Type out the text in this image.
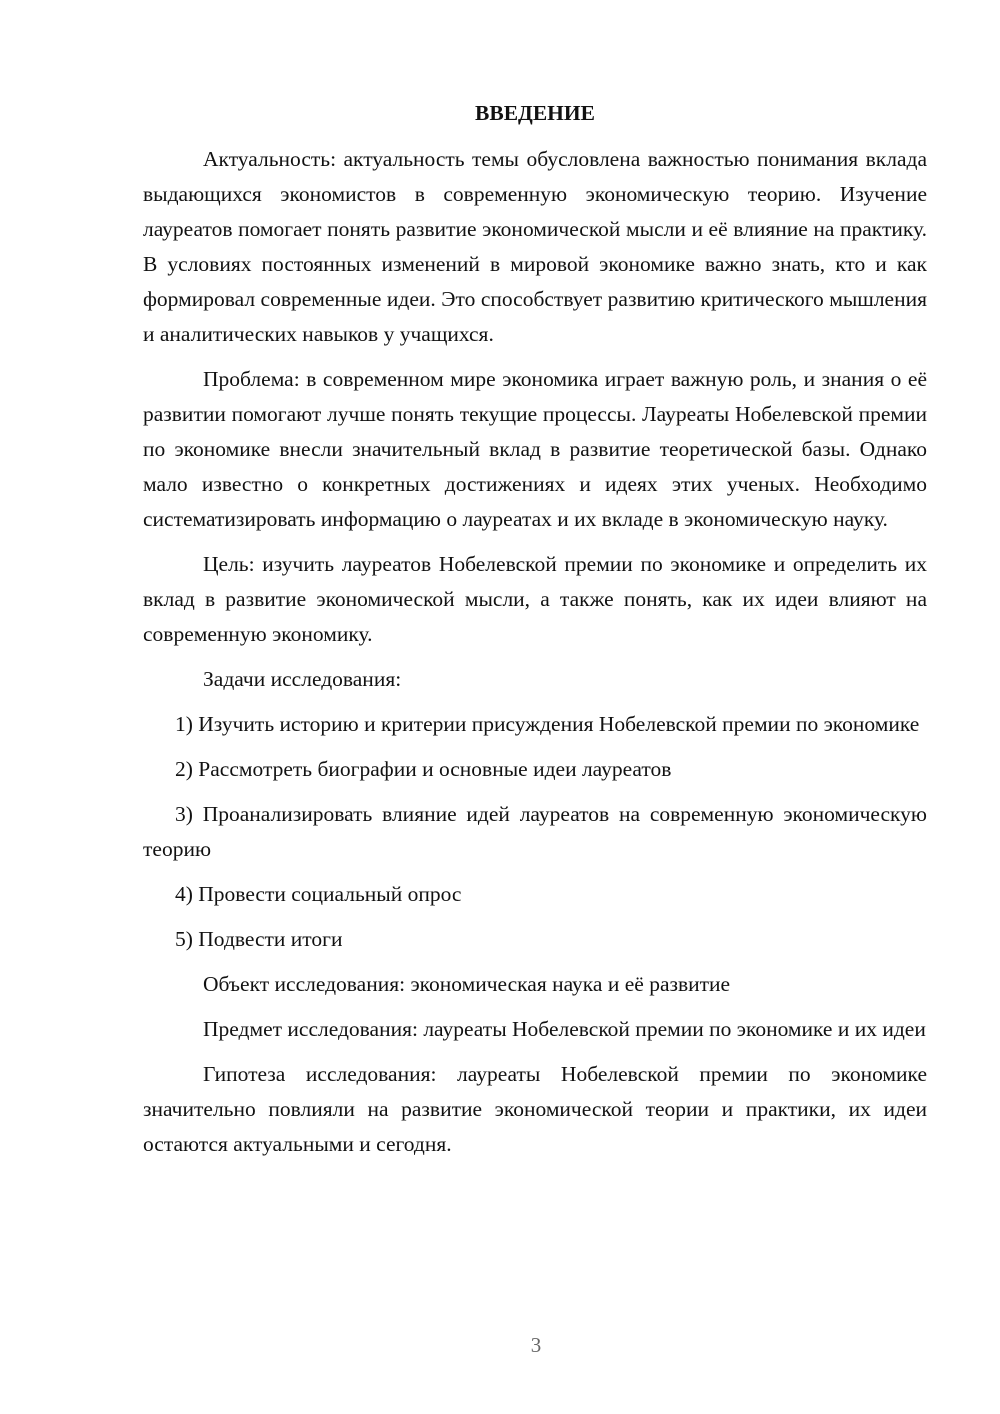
ВВЕДЕНИЕ

Актуальность: актуальность темы обусловлена важностью понимания вклада выдающихся экономистов в современную экономическую теорию. Изучение лауреатов помогает понять развитие экономической мысли и её влияние на практику. В условиях постоянных изменений в мировой экономике важно знать, кто и как формировал современные идеи. Это способствует развитию критического мышления и аналитических навыков у учащихся.

Проблема: в современном мире экономика играет важную роль, и знания о её развитии помогают лучше понять текущие процессы. Лауреаты Нобелевской премии по экономике внесли значительный вклад в развитие теоретической базы. Однако мало известно о конкретных достижениях и идеях этих ученых. Необходимо систематизировать информацию о лауреатах и их вкладе в экономическую науку.

Цель: изучить лауреатов Нобелевской премии по экономике и определить их вклад в развитие экономической мысли, а также понять, как их идеи влияют на современную экономику.

Задачи исследования:

1) Изучить историю и критерии присуждения Нобелевской премии по экономике

2) Рассмотреть биографии и основные идеи лауреатов

3) Проанализировать влияние идей лауреатов на современную экономическую теорию

4) Провести социальный опрос

5) Подвести итоги

Объект исследования: экономическая наука и её развитие

Предмет исследования: лауреаты Нобелевской премии по экономике и их идеи

Гипотеза исследования: лауреаты Нобелевской премии по экономике значительно повлияли на развитие экономической теории и практики, их идеи остаются актуальными и сегодня.

3
